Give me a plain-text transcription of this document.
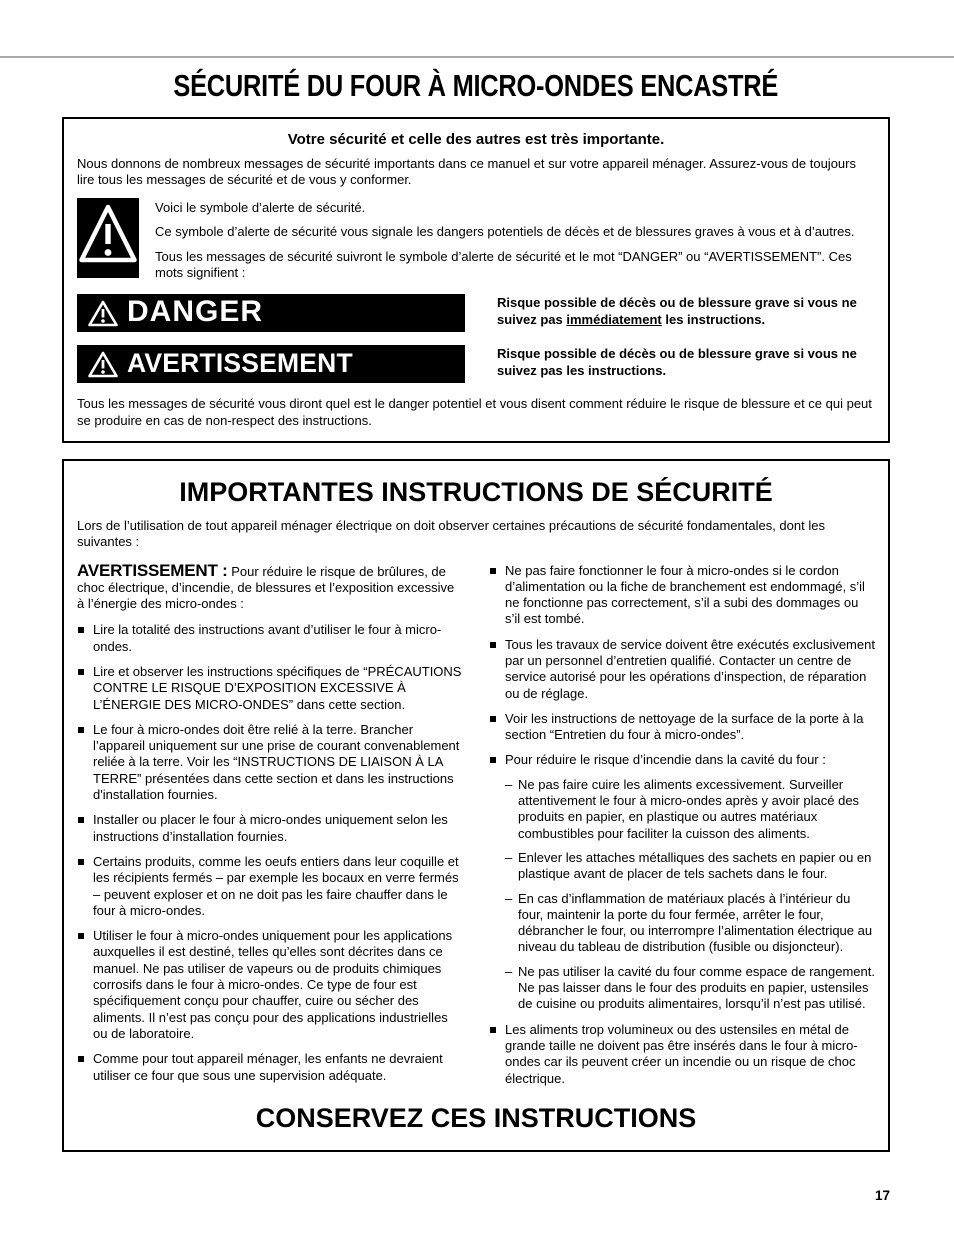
SÉCURITÉ DU FOUR À MICRO-ONDES ENCASTRÉ
Votre sécurité et celle des autres est très importante.

Nous donnons de nombreux messages de sécurité importants dans ce manuel et sur votre appareil ménager. Assurez-vous de toujours lire tous les messages de sécurité et de vous y conformer.

Voici le symbole d’alerte de sécurité.

Ce symbole d’alerte de sécurité vous signale les dangers potentiels de décès et de blessures graves à vous et à d’autres.

Tous les messages de sécurité suivront le symbole d’alerte de sécurité et le mot “DANGER” ou “AVERTISSEMENT”. Ces mots signifient :

DANGER	Risque possible de décès ou de blessure grave si vous ne suivez pas immédiatement les instructions.

AVERTISSEMENT	Risque possible de décès ou de blessure grave si vous ne suivez pas les instructions.

Tous les messages de sécurité vous diront quel est le danger potentiel et vous disent comment réduire le risque de blessure et ce qui peut se produire en cas de non-respect des instructions.

IMPORTANTES INSTRUCTIONS DE SÉCURITÉ

Lors de l’utilisation de tout appareil ménager électrique on doit observer certaines précautions de sécurité fondamentales, dont les suivantes :

AVERTISSEMENT : Pour réduire le risque de brûlures, de choc électrique, d’incendie, de blessures et l’exposition excessive à l’énergie des micro-ondes :

Lire la totalité des instructions avant d’utiliser le four à micro-ondes.
Lire et observer les instructions spécifiques de “PRÉCAUTIONS CONTRE LE RISQUE D’EXPOSITION EXCESSIVE À L’ÉNERGIE DES MICRO-ONDES” dans cette section.
Le four à micro-ondes doit être relié à la terre. Brancher l’appareil uniquement sur une prise de courant convenablement reliée à la terre. Voir les “INSTRUCTIONS DE LIAISON À LA TERRE” présentées dans cette section et dans les instructions d'installation fournies.
Installer ou placer le four à micro-ondes uniquement selon les instructions d’installation fournies.
Certains produits, comme les oeufs entiers dans leur coquille et les récipients fermés – par exemple les bocaux en verre fermés – peuvent exploser et on ne doit pas les faire chauffer dans le four à micro-ondes.
Utiliser le four à micro-ondes uniquement pour les applications auxquelles il est destiné, telles qu’elles sont décrites dans ce manuel. Ne pas utiliser de vapeurs ou de produits chimiques corrosifs dans le four à micro-ondes. Ce type de four est spécifiquement conçu pour chauffer, cuire ou sécher des aliments. Il n’est pas conçu pour des applications industrielles ou de laboratoire.
Comme pour tout appareil ménager, les enfants ne devraient utiliser ce four que sous une supervision adéquate.
Ne pas faire fonctionner le four à micro-ondes si le cordon d’alimentation ou la fiche de branchement est endommagé, s’il ne fonctionne pas correctement, s’il a subi des dommages ou s’il est tombé.
Tous les travaux de service doivent être exécutés exclusivement par un personnel d’entretien qualifié. Contacter un centre de service autorisé pour les opérations d’inspection, de réparation ou de réglage.
Voir les instructions de nettoyage de la surface de la porte à la section “Entretien du four à micro-ondes”.
Pour réduire le risque d’incendie dans la cavité du four :
– Ne pas faire cuire les aliments excessivement. Surveiller attentivement le four à micro-ondes après y avoir placé des produits en papier, en plastique ou autres matériaux combustibles pour faciliter la cuisson des aliments.
– Enlever les attaches métalliques des sachets en papier ou en plastique avant de placer de tels sachets dans le four.
– En cas d’inflammation de matériaux placés à l’intérieur du four, maintenir la porte du four fermée, arrêter le four, débrancher le four, ou interrompre l’alimentation électrique au niveau du tableau de distribution (fusible ou disjoncteur).
– Ne pas utiliser la cavité du four comme espace de rangement. Ne pas laisser dans le four des produits en papier, ustensiles de cuisine ou produits alimentaires, lorsqu’il n’est pas utilisé.
Les aliments trop volumineux ou des ustensiles en métal de grande taille ne doivent pas être insérés dans le four à micro-ondes car ils peuvent créer un incendie ou un risque de choc électrique.
CONSERVEZ CES INSTRUCTIONS
17
